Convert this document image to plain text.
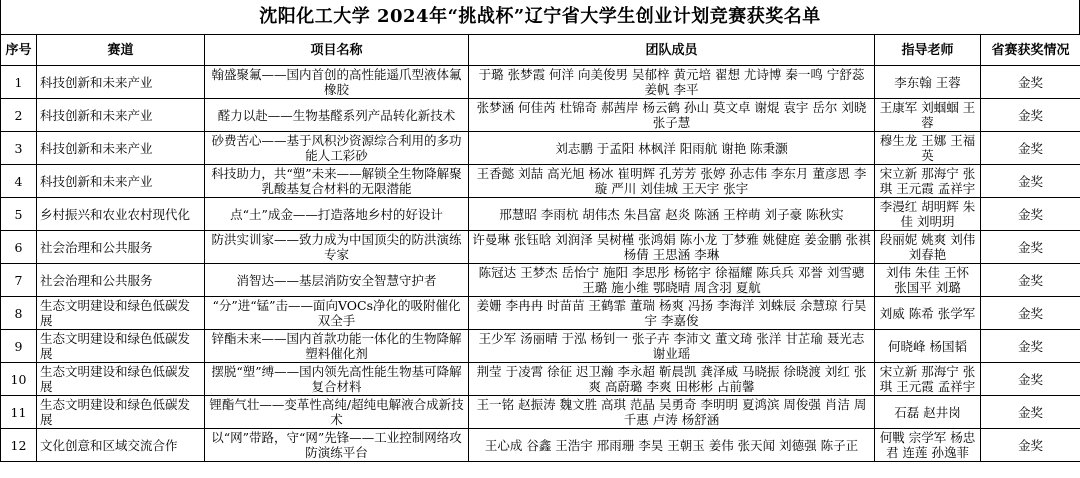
沈阳化工大学 2024年“挑战杯”辽宁省大学生创业计划竞赛获奖名单
序号	赛道	项目名称	团队成员	指导老师	省赛获奖情况

1	科技创新和未来产业	翰盛聚氟——国内首创的高性能遥爪型液体氟橡胶	于璐 张梦霞 何洋 向美俊男 吴郁梓 黄元培 翟想 尤诗博 秦一鸣 宁舒蕊 姜帆 李平	李东翰 王蓉	金奖

2	科技创新和未来产业	醛力以赴——生物基醛系列产品转化新技术	张梦涵 何佳芮 杜锦奇 郝茜岸 杨云鹤 孙山 莫文卓 谢焜 袁宇 岳尔 刘晓 张子慧	王康军 刘蝈蝈 王蓉	金奖

3	科技创新和未来产业	砂费苦心——基于风积沙资源综合利用的多功能人工彩砂	刘志鹏 于孟阳 林枫洋 阳雨航 谢艳 陈秉灏	穆生龙 王娜 王福英	金奖

4	科技创新和未来产业	科技助力，共“塑”未来——解锁全生物降解聚乳酸基复合材料的无限潜能	王香懿 刘喆 高光旭 杨冰 崔明辉 孔芳芳 张婷 孙志伟 李东月 董彦恩 李璇 严川 刘佳城 王天宇 张宇	宋立新 那海宁 张琪 王元霞 孟祥宇	金奖

5	乡村振兴和农业农村现代化	点“土”成金——打造落地乡村的好设计	邢慧昭 李雨杭 胡伟杰 朱昌富 赵炎 陈涵 王梓萌 刘子豪 陈秋实	李漫红 胡明辉 朱佳 刘明玥	金奖

6	社会治理和公共服务	防洪实训家——致力成为中国顶尖的防洪演练专家	许曼琳 张钰晗 刘润泽 吴树槿 张鸿娟 陈小龙 丁梦雅 姚健庭 姜金鹏 张祺 杨倩 王思涵 李琳	段丽妮 姚爽 刘伟 刘春艳	金奖

7	社会治理和公共服务	消智达——基层消防安全智慧守护者	陈冠达 王梦杰 岳怡宁 施阳 李思彤 杨铭宇 徐福耀 陈兵兵 邓誉 刘雪骢 王璐 施小维 鄂晓晴 周含羽 夏航	刘伟 朱佳 王怀 张国平 刘璐	金奖

8	生态文明建设和绿色低碳发展	“分”进“锰”击——面向VOCs净化的吸附催化双全手	姜姗 李冉冉 时苗苗 王鹤霏 董瑞 杨爽 冯扬 李海洋 刘蛛辰 余慧琼 行昊宇 李嘉俊	刘威 陈希 张学军	金奖

9	生态文明建设和绿色低碳发展	锌酯未来——国内首款功能一体化的生物降解塑料催化剂	王少军 汤丽晴 于泓 杨钊一 张子卉 李沛文 董文琦 张洋 甘芷瑜 聂光志 谢业瑶	何晓峰 杨国韬	金奖

10	生态文明建设和绿色低碳发展	摆脱“塑”缚——国内领先高性能生物基可降解复合材料	荆莹 于凌霄 徐征 迟卫瀚 李永超 靳晨凯 龚泽威 马晓振 徐晓渡 刘红 张爽 高蔚璐 李爽 田彬彬 占前馨	宋立新 那海宁 张琪 王元霞 孟祥宇	金奖

11	生态文明建设和绿色低碳发展	锂酯气壮——变革性高纯/超纯电解液合成新技术	王一铭 赵振涛 魏文胜 高琪 范晶 吴勇奇 李明明 夏鸿滨 周俊强 肖洁 周千惠 卢涛 杨舒涵	石磊 赵井岗	金奖

12	文化创意和区域交流合作	以“网”带路，守“网”先锋——工业控制网络攻防演练平台	王心成 谷鑫 王浩宇 邢雨珊 李昊 王朝玉 姜伟 张天闻 刘德强 陈子正	何戰 宗学军 杨忠君 连莲 孙逸菲	金奖
